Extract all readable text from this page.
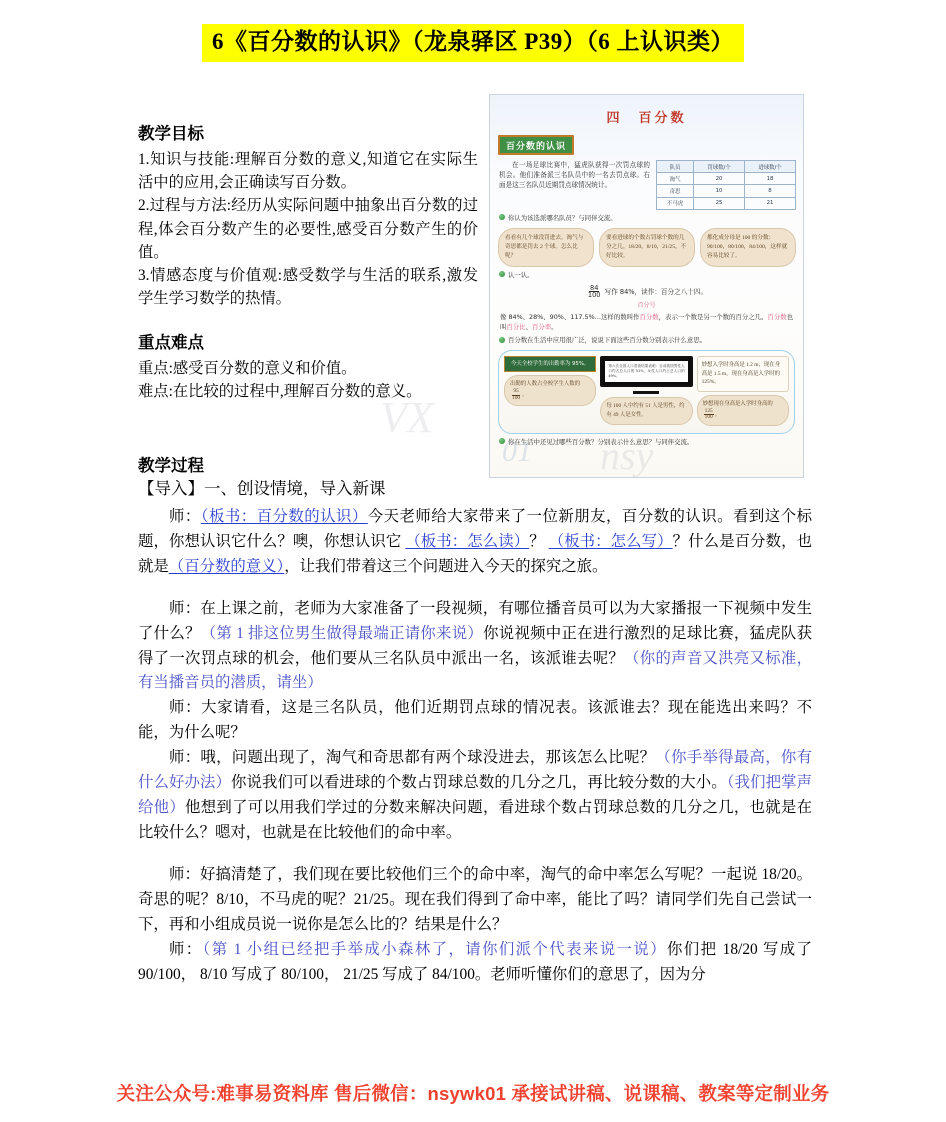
6《百分数的认识》（龙泉驿区 P39）（6 上认识类）

教学目标

1.知识与技能:理解百分数的意义,知道它在实际生活中的应用,会正确读写百分数。

2.过程与方法:经历从实际问题中抽象出百分数的过程,体会百分数产生的必要性,感受百分数产生的价值。

3.情感态度与价值观:感受数学与生活的联系,激发学生学习数学的热情。

重点难点

重点:感受百分数的意义和价值。

难点:在比较的过程中,理解百分数的意义。

四　百分数
百分数的认识
在一场足球比赛中，猛虎队获得一次罚点球的机会。他们准备派三名队员中的一名去罚点球。右面是这三名队员近期罚点球情况统计。
队员	罚球数/个	进球数/个
淘气	20	18
奇思	10	8
不马虎	25	21
你认为该选派哪名队员？与同伴交流。
看看有几个球没罚进去。淘气与奇思都是罚去 2 个球。怎么比呢？
要看进球的个数占罚球个数的几分之几。18/20，8/10，21/25，不好比较。
都化成分母是 100 的分数：90/100，80/100，84/100，这样就容易比较了。
认一认。
$\frac{84}{100}$ 写作 84%，读作：百分之八十四。
百分号
像 84%、28%、90%、117.5%…这样的数叫作百分数，表示一个数是另一个数的百分之几。百分数也叫百分比、百分率。
百分数在生活中应用很广泛，说说下面这些百分数分别表示什么意思。
今天全校学生的出勤率为 95%。
出勤的人数占全校学生人数的
$\frac{95}{100}$ 。
第六次全国人口普查结果表明：目前我国男性人口约占总人口的 51%，女性人口约占总人口的 49%。
每 100 人中约有 51 人是男性，约有 49 人是女性。
妙想入学时身高是 1.2 m，现在身高是 1.5 m，现在身高是入学时的 125%。
妙想现在身高是入学时身高的
$\frac{125}{100}$ 。
你在生活中还见过哪些百分数？分别表示什么意思？与同伴交流。
01
VX

教学过程

【导入】一、创设情境，导入新课

师：（板书：百分数的认识）今天老师给大家带来了一位新朋友，百分数的认识。看到这个标题，你想认识它什么？噢，你想认识它 （板书：怎么读）？ （板书：怎么写）？什么是百分数，也就是（百分数的意义），让我们带着这三个问题进入今天的探究之旅。

师：在上课之前，老师为大家准备了一段视频，有哪位播音员可以为大家播报一下视频中发生了什么？（第 1 排这位男生做得最端正请你来说）你说视频中正在进行激烈的足球比赛，猛虎队获得了一次罚点球的机会，他们要从三名队员中派出一名，该派谁去呢？（你的声音又洪亮又标准，有当播音员的潜质，请坐）

师：大家请看，这是三名队员，他们近期罚点球的情况表。该派谁去？现在能选出来吗？不能，为什么呢？

师：哦，问题出现了，淘气和奇思都有两个球没进去，那该怎么比呢？（你手举得最高，你有什么好办法）你说我们可以看进球的个数占罚球总数的几分之几，再比较分数的大小。（我们把掌声给他）他想到了可以用我们学过的分数来解决问题，看进球个数占罚球总数的几分之几，也就是在比较什么？嗯对，也就是在比较他们的命中率。

师：好搞清楚了，我们现在要比较他们三个的命中率，淘气的命中率怎么写呢？一起说 18/20。奇思的呢？8/10，不马虎的呢？21/25。现在我们得到了命中率，能比了吗？请同学们先自己尝试一下，再和小组成员说一说你是怎么比的？结果是什么？

师：（第 1 小组已经把手举成小森林了，请你们派个代表来说一说）你们把 18/20 写成了 90/100， 8/10 写成了 80/100， 21/25 写成了 84/100。老师听懂你们的意思了，因为分

关注公众号:难事易资料库 售后微信：nsywk01 承接试讲稿、说课稿、教案等定制业务
